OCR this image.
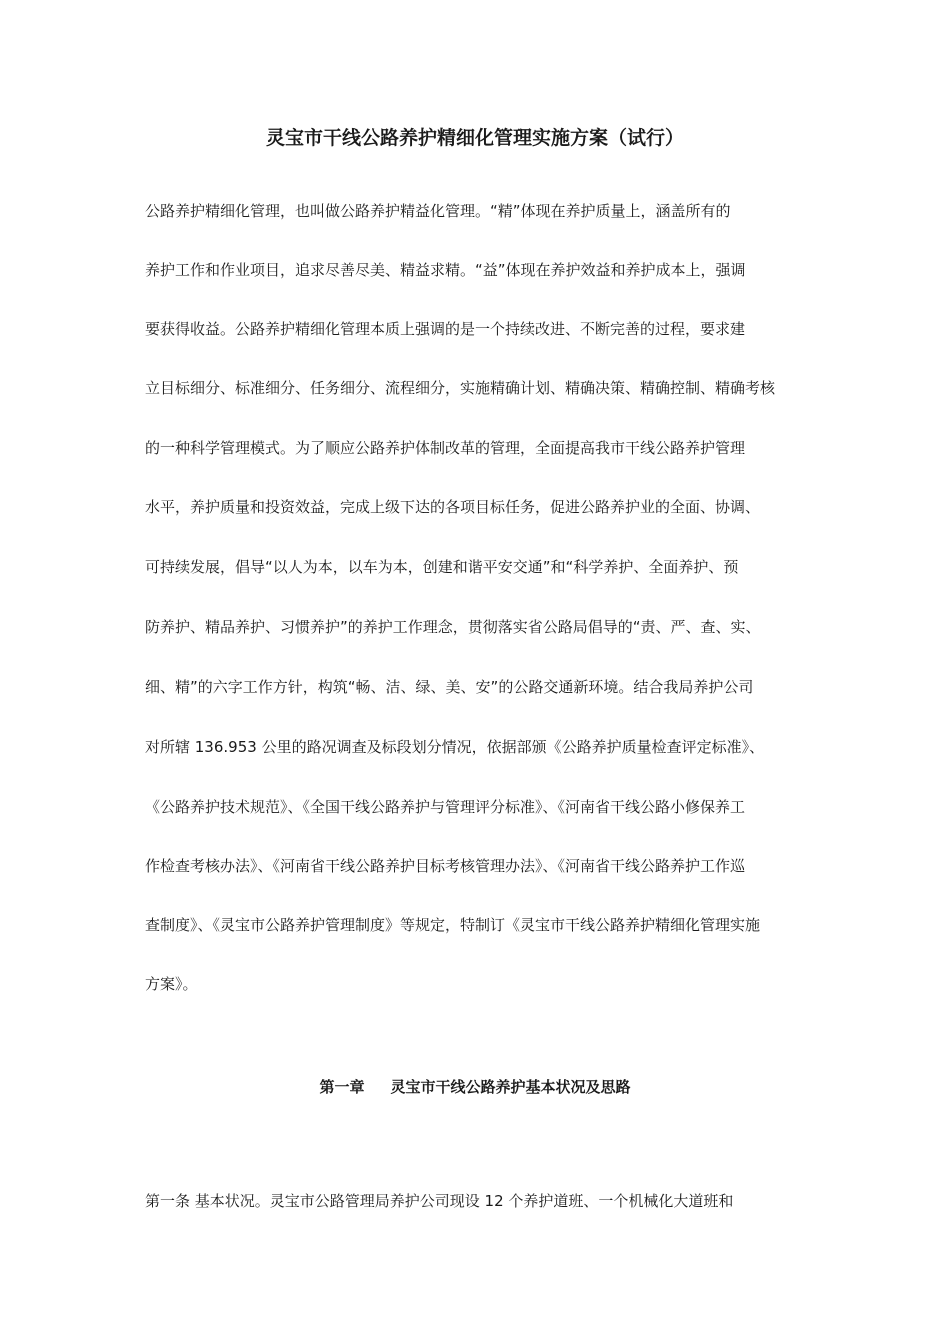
灵宝市干线公路养护精细化管理实施方案（试行）
公路养护精细化管理，也叫做公路养护精益化管理。“精”体现在养护质量上，涵盖所有的
养护工作和作业项目，追求尽善尽美、精益求精。“益”体现在养护效益和养护成本上，强调
要获得收益。公路养护精细化管理本质上强调的是一个持续改进、不断完善的过程，要求建
立目标细分、标准细分、任务细分、流程细分，实施精确计划、精确决策、精确控制、精确考核
的一种科学管理模式。为了顺应公路养护体制改革的管理，全面提高我市干线公路养护管理
水平，养护质量和投资效益，完成上级下达的各项目标任务，促进公路养护业的全面、协调、
可持续发展，倡导“以人为本，以车为本，创建和谐平安交通”和“科学养护、全面养护、预
防养护、精品养护、习惯养护”的养护工作理念，贯彻落实省公路局倡导的“责、严、查、实、
细、精”的六字工作方针，构筑“畅、洁、绿、美、安”的公路交通新环境。结合我局养护公司
对所辖 136.953 公里的路况调查及标段划分情况，依据部颁《公路养护质量检查评定标准》、
《公路养护技术规范》、《全国干线公路养护与管理评分标准》、《河南省干线公路小修保养工
作检查考核办法》、《河南省干线公路养护目标考核管理办法》、《河南省干线公路养护工作巡
查制度》、《灵宝市公路养护管理制度》等规定，特制订《灵宝市干线公路养护精细化管理实施
方案》。
第一章     灵宝市干线公路养护基本状况及思路
第一条 基本状况。灵宝市公路管理局养护公司现设 12 个养护道班、一个机械化大道班和
